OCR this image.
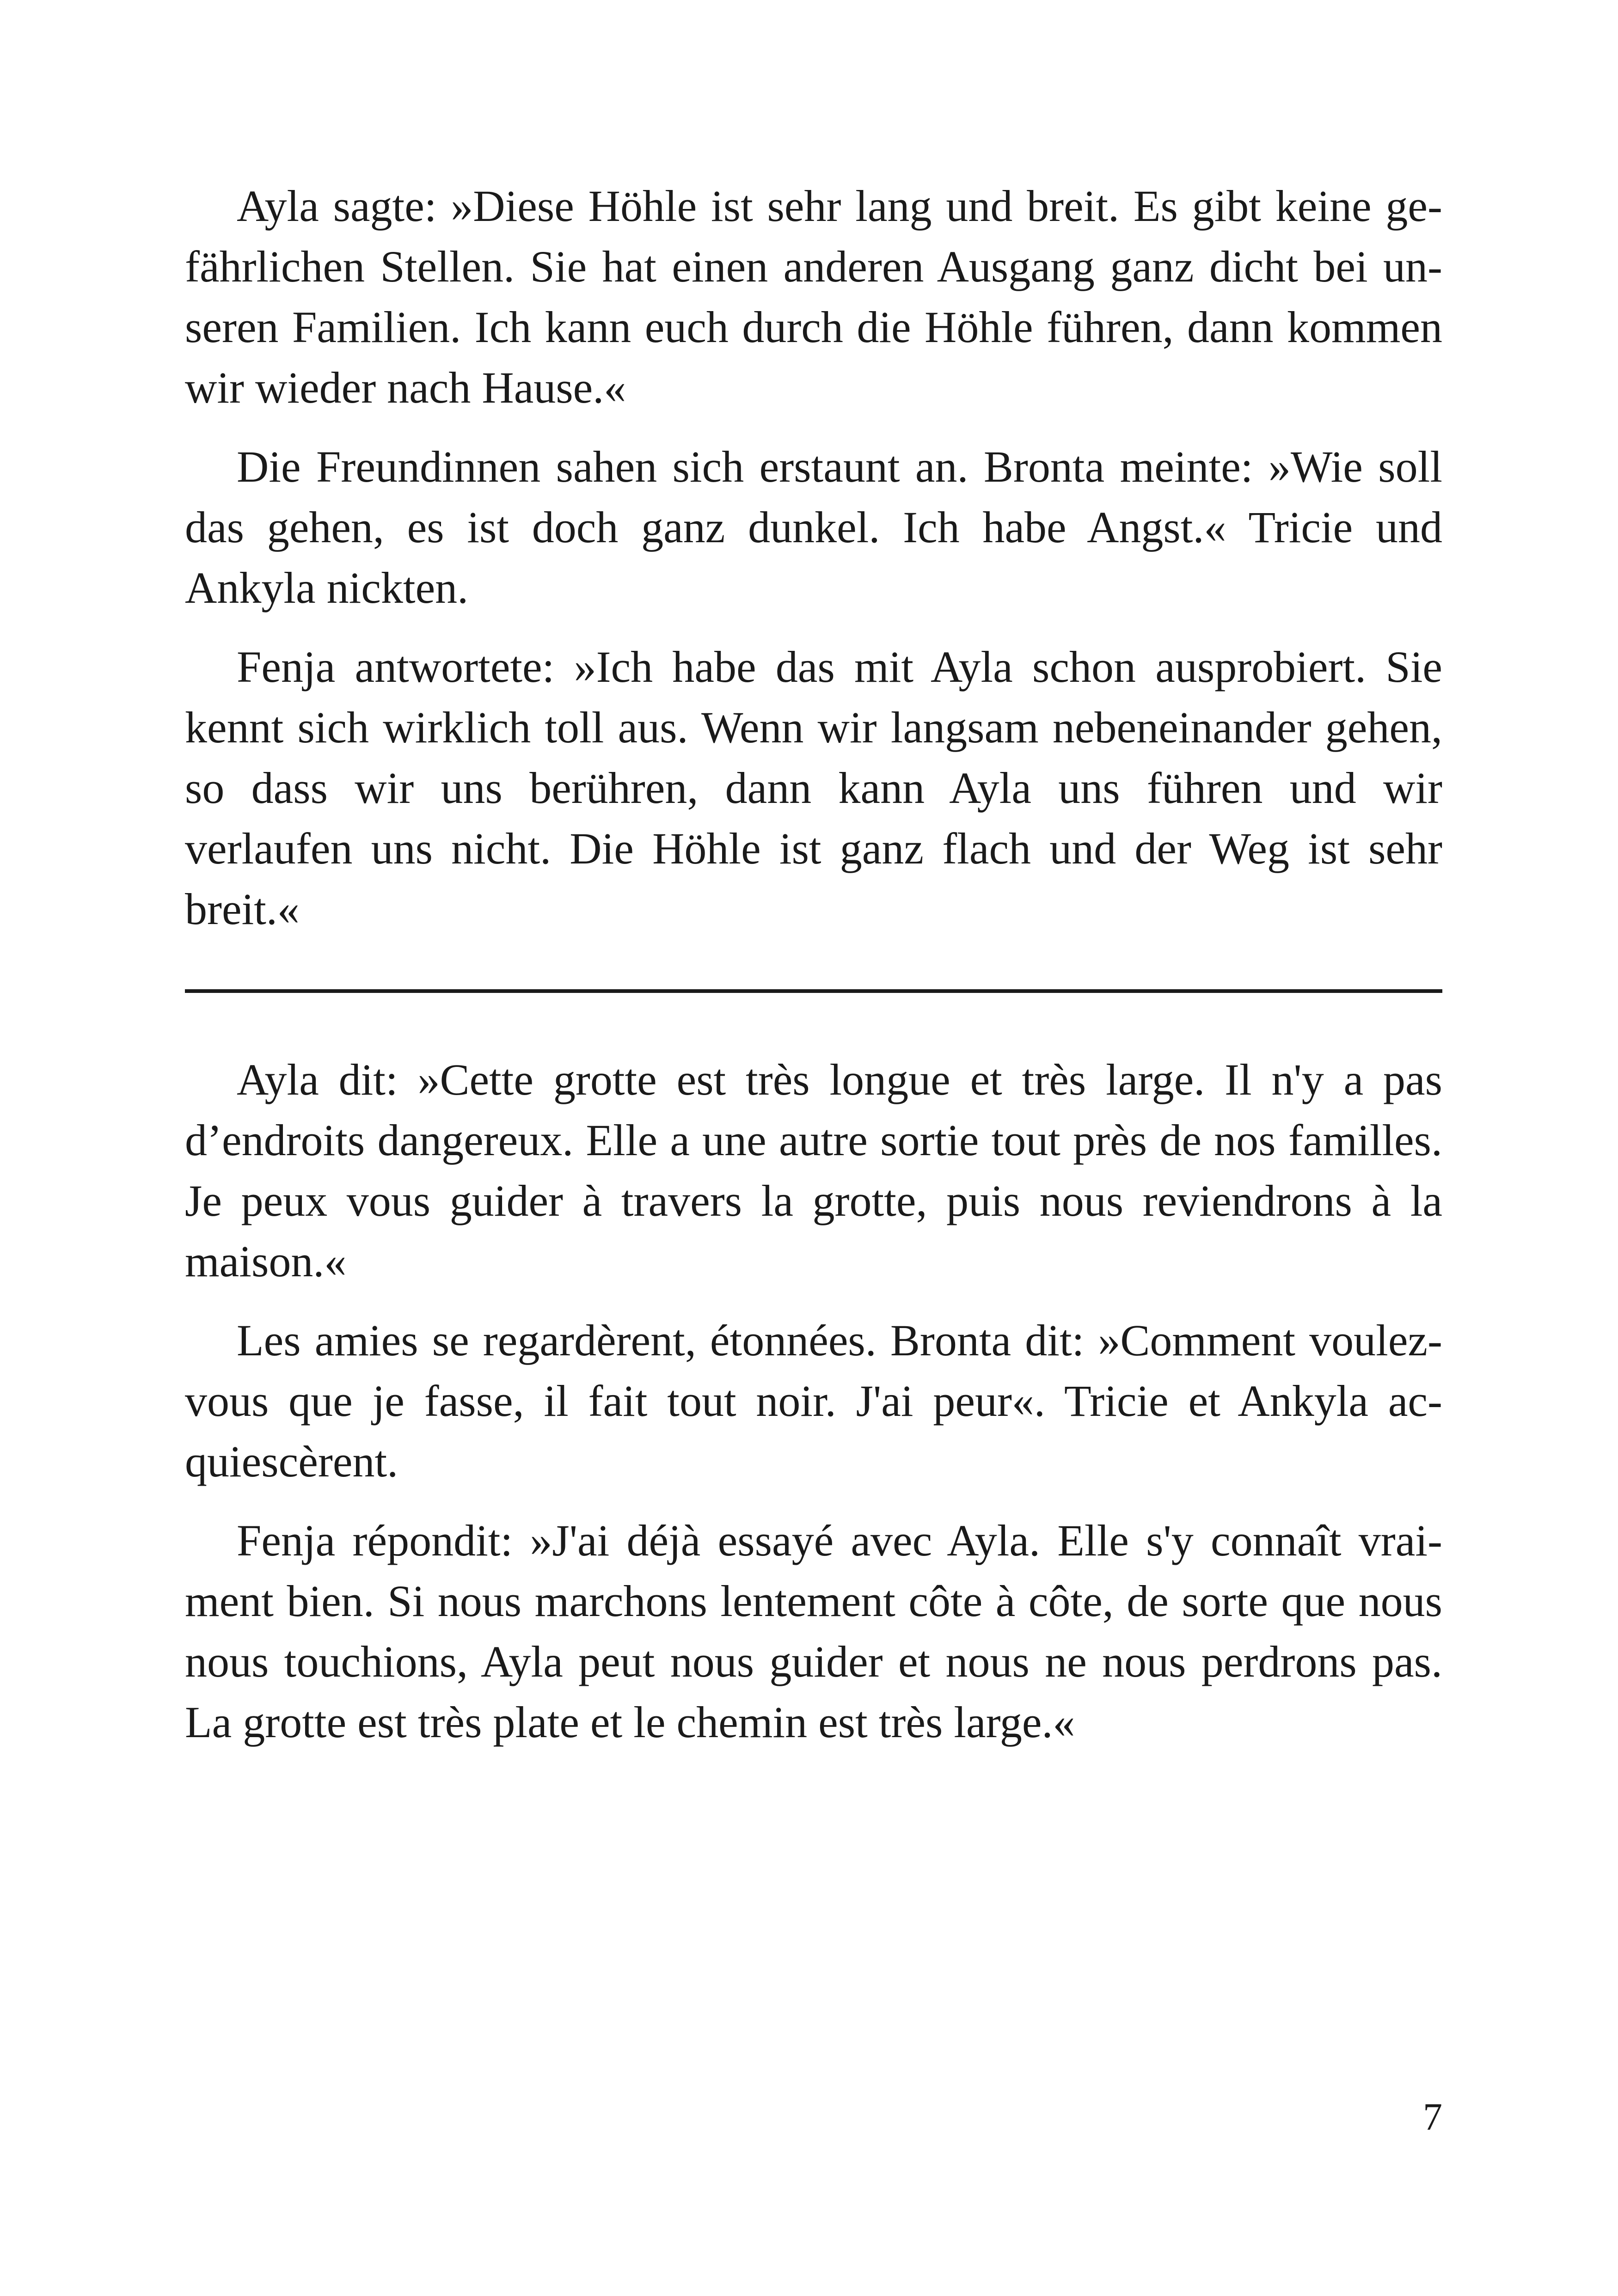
Ayla sagte: »Diese Höhle ist sehr lang und breit. Es gibt keine gefährlichen Stellen. Sie hat einen anderen Ausgang ganz dicht bei unseren Familien. Ich kann euch durch die Höhle führen, dann kommen wir wieder nach Hause.«

Die Freundinnen sahen sich erstaunt an. Bronta meinte: »Wie soll das gehen, es ist doch ganz dunkel. Ich habe Angst.« Tricie und Ankyla nickten.

Fenja antwortete: »Ich habe das mit Ayla schon ausprobiert. Sie kennt sich wirklich toll aus. Wenn wir langsam nebeneinander gehen, so dass wir uns berühren, dann kann Ayla uns führen und wir verlaufen uns nicht. Die Höhle ist ganz flach und der Weg ist sehr breit.«

Ayla dit: »Cette grotte est très longue et très large. Il n'y a pas d’endroits dangereux. Elle a une autre sortie tout près de nos familles. Je peux vous guider à travers la grotte, puis nous reviendrons à la maison.«

Les amies se regardèrent, étonnées. Bronta dit: »Comment voulez-vous que je fasse, il fait tout noir. J'ai peur«. Tricie et Ankyla acquiescèrent.

Fenja répondit: »J'ai déjà essayé avec Ayla. Elle s'y connaît vraiment bien. Si nous marchons lentement côte à côte, de sorte que nous nous touchions, Ayla peut nous guider et nous ne nous perdrons pas. La grotte est très plate et le chemin est très large.«

7
